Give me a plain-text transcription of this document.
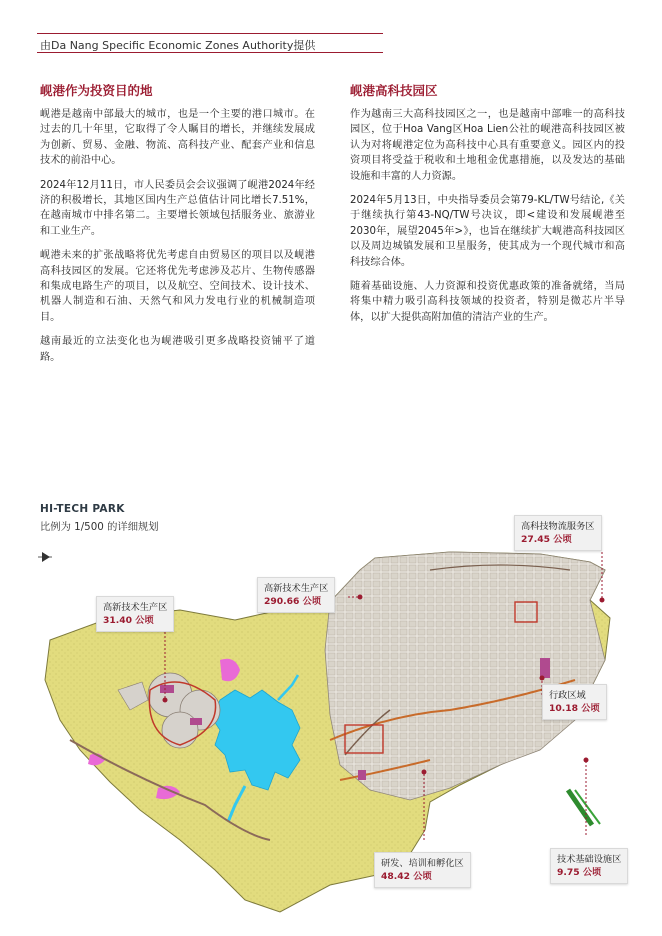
由Da Nang Specific Economic Zones Authority提供
岘港作为投资目的地

岘港是越南中部最大的城市，也是一个主要的港口城市。在过去的几十年里，它取得了令人瞩目的增长，并继续发展成为创新、贸易、金融、物流、高科技产业、配套产业和信息技术的前沿中心。

2024年12月11日，市人民委员会会议强调了岘港2024年经济的积极增长，其地区国内生产总值估计同比增长7.51%，在越南城市中排名第二。主要增长领域包括服务业、旅游业和工业生产。

岘港未来的扩张战略将优先考虑自由贸易区的项目以及岘港高科技园区的发展。它还将优先考虑涉及芯片、生物传感器和集成电路生产的项目，以及航空、空间技术、设计技术、机器人制造和石油、天然气和风力发电行业的机械制造项目。

越南最近的立法变化也为岘港吸引更多战略投资铺平了道路。

岘港高科技园区

作为越南三大高科技园区之一，也是越南中部唯一的高科技园区，位于Hoa Vang区Hoa Lien公社的岘港高科技园区被认为对将岘港定位为高科技中心具有重要意义。园区内的投资项目将受益于税收和土地租金优惠措施，以及发达的基础设施和丰富的人力资源。

2024年5月13日，中央指导委员会第79-KL/TW号结论,《关于继续执行第43-NQ/TW号决议，即<建设和发展岘港至2030年，展望2045年>》，也旨在继续扩大岘港高科技园区以及周边城镇发展和卫星服务，使其成为一个现代城市和高科技综合体。

随着基础设施、人力资源和投资优惠政策的准备就绪，当局将集中精力吸引高科技领域的投资者，特别是微芯片半导体，以扩大提供高附加值的清洁产业的生产。

HI-TECH PARK
比例为 1/500 的详细规划	高科技物流服务区
27.45 公顷
高新技术生产区
290.66 公顷
高新技术生产区
31.40 公顷
行政区域
10.18 公顷
研发、培训和孵化区
48.42 公顷
技术基础设施区
9.75 公顷
